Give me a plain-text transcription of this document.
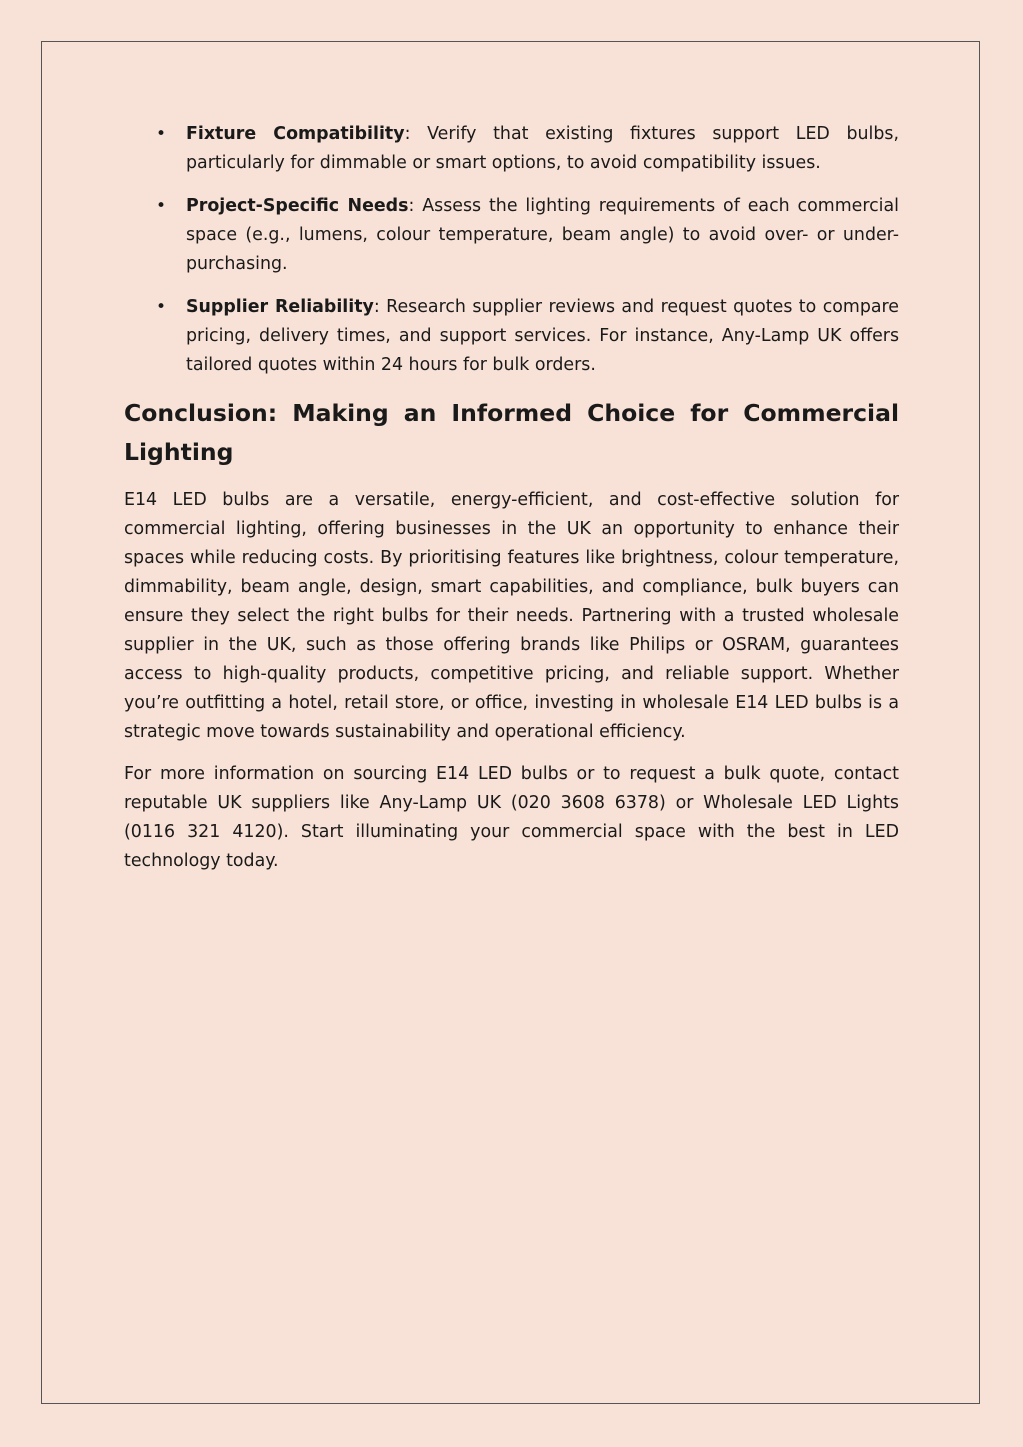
• Fixture Compatibility: Verify that existing fixtures support LED bulbs, particularly for dimmable or smart options, to avoid compatibility issues.
• Project-Specific Needs: Assess the lighting requirements of each commercial space (e.g., lumens, colour temperature, beam angle) to avoid over- or under-purchasing.
• Supplier Reliability: Research supplier reviews and request quotes to compare pricing, delivery times, and support services. For instance, Any-Lamp UK offers tailored quotes within 24 hours for bulk orders.
Conclusion: Making an Informed Choice for Commercial Lighting

E14 LED bulbs are a versatile, energy-efficient, and cost-effective solution for commercial lighting, offering businesses in the UK an opportunity to enhance their spaces while reducing costs. By prioritising features like brightness, colour temperature, dimmability, beam angle, design, smart capabilities, and compliance, bulk buyers can ensure they select the right bulbs for their needs. Partnering with a trusted wholesale supplier in the UK, such as those offering brands like Philips or OSRAM, guarantees access to high-quality products, competitive pricing, and reliable support. Whether you’re outfitting a hotel, retail store, or office, investing in wholesale E14 LED bulbs is a strategic move towards sustainability and operational efficiency.

For more information on sourcing E14 LED bulbs or to request a bulk quote, contact reputable UK suppliers like Any-Lamp UK (020 3608 6378) or Wholesale LED Lights (0116 321 4120). Start illuminating your commercial space with the best in LED technology today.
